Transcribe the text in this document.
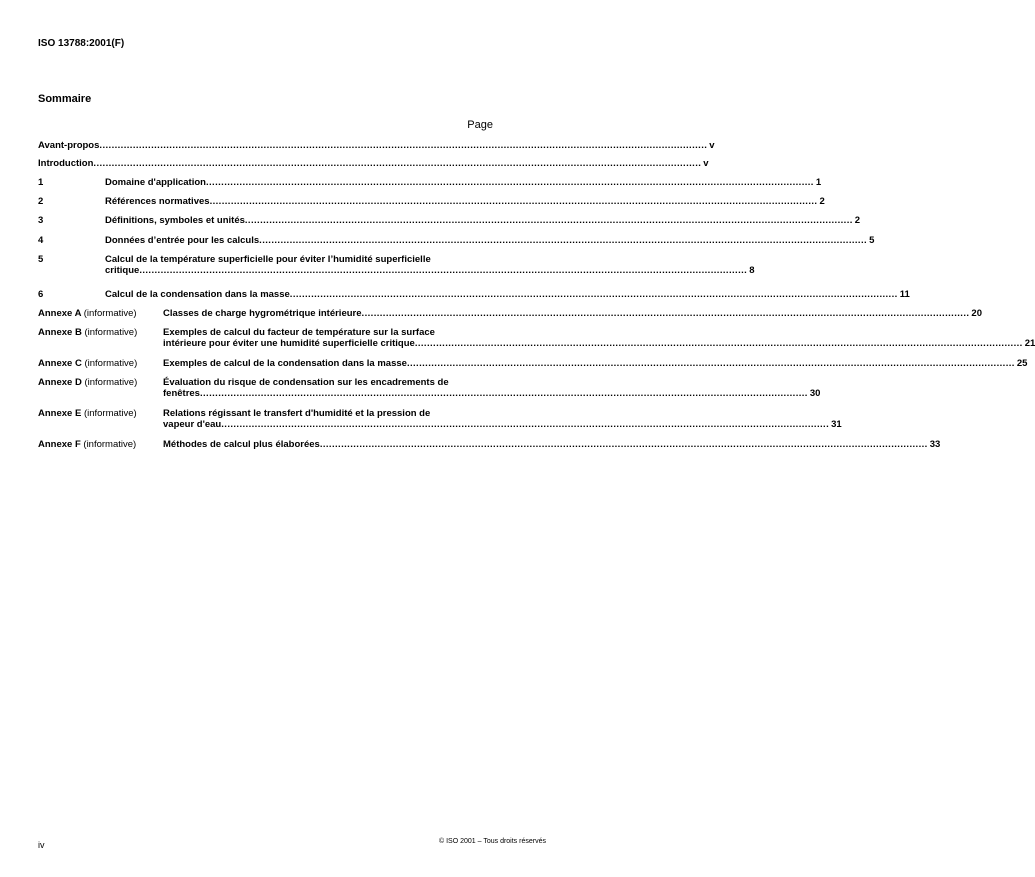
ISO 13788:2001(F)
Sommaire
Page
Avant-propos ........................................................................................................................................................................................................ v
Introduction ........................................................................................................................................................................................................ v
1	Domaine d'application ........................................................................................................................................................................................................ 1
2	Références normatives ........................................................................................................................................................................................................ 2
3	Définitions, symboles et unités ........................................................................................................................................................................................................ 2
4	Données d’entrée pour les calculs ........................................................................................................................................................................................................ 5
5	Calcul de la température superficielle pour éviter l’humidité superficielle
critique ........................................................................................................................................................................................................ 8
6	Calcul de la condensation dans la masse ........................................................................................................................................................................................................ 11
Annexe A (informative)	Classes de charge hygrométrique intérieure ........................................................................................................................................................................................................ 20
Annexe B (informative)	Exemples de calcul du facteur de température sur la surface
intérieure pour éviter une humidité superficielle critique ........................................................................................................................................................................................................ 21
Annexe C (informative)	Exemples de calcul de la condensation dans la masse ........................................................................................................................................................................................................ 25
Annexe D (informative)	Évaluation du risque de condensation sur les encadrements de
fenêtres ........................................................................................................................................................................................................ 30
Annexe E (informative)	Relations régissant le transfert d'humidité et la pression de
vapeur d'eau ........................................................................................................................................................................................................ 31
Annexe F (informative)	Méthodes de calcul plus élaborées ........................................................................................................................................................................................................ 33
iv	© ISO 2001 – Tous droits réservés
